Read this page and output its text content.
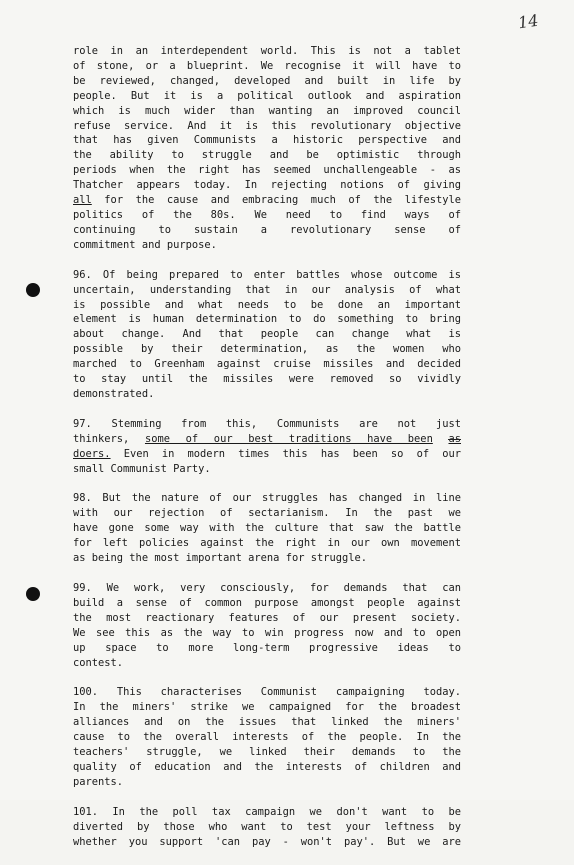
14
role in an interdependent world. This is not a tablet
of stone, or a blueprint. We recognise it will have to
be reviewed, changed, developed and built in life by
people. But it is a political outlook and aspiration
which is much wider than wanting an improved council
refuse service. And it is this revolutionary objective
that has given Communists a historic perspective and
the ability to struggle and be optimistic through
periods when the right has seemed unchallengeable - as
Thatcher appears today. In rejecting notions of giving
all for the cause and embracing much of the lifestyle
politics of the 80s. We need to find ways of
continuing to sustain a revolutionary sense of
commitment and purpose.
96. Of being prepared to enter battles whose outcome is
uncertain, understanding that in our analysis of what
is possible and what needs to be done an important
element is human determination to do something to bring
about change. And that people can change what is
possible by their determination, as the women who
marched to Greenham against cruise missiles and decided
to stay until the missiles were removed so vividly
demonstrated.
97. Stemming from this, Communists are not just
thinkers, some of our best traditions have been as
doers. Even in modern times this has been so of our
small Communist Party.
98. But the nature of our struggles has changed in line
with our rejection of sectarianism. In the past we
have gone some way with the culture that saw the battle
for left policies against the right in our own movement
as being the most important arena for struggle.
99. We work, very consciously, for demands that can
build a sense of common purpose amongst people against
the most reactionary features of our present society.
We see this as the way to win progress now and to open
up space to more long-term progressive ideas to
contest.
100. This characterises Communist campaigning today.
In the miners' strike we campaigned for the broadest
alliances and on the issues that linked the miners'
cause to the overall interests of the people. In the
teachers' struggle, we linked their demands to the
quality of education and the interests of children and
parents.
101. In the poll tax campaign we don't want to be
diverted by those who want to test your leftness by
whether you support 'can pay - won't pay'. But we are
